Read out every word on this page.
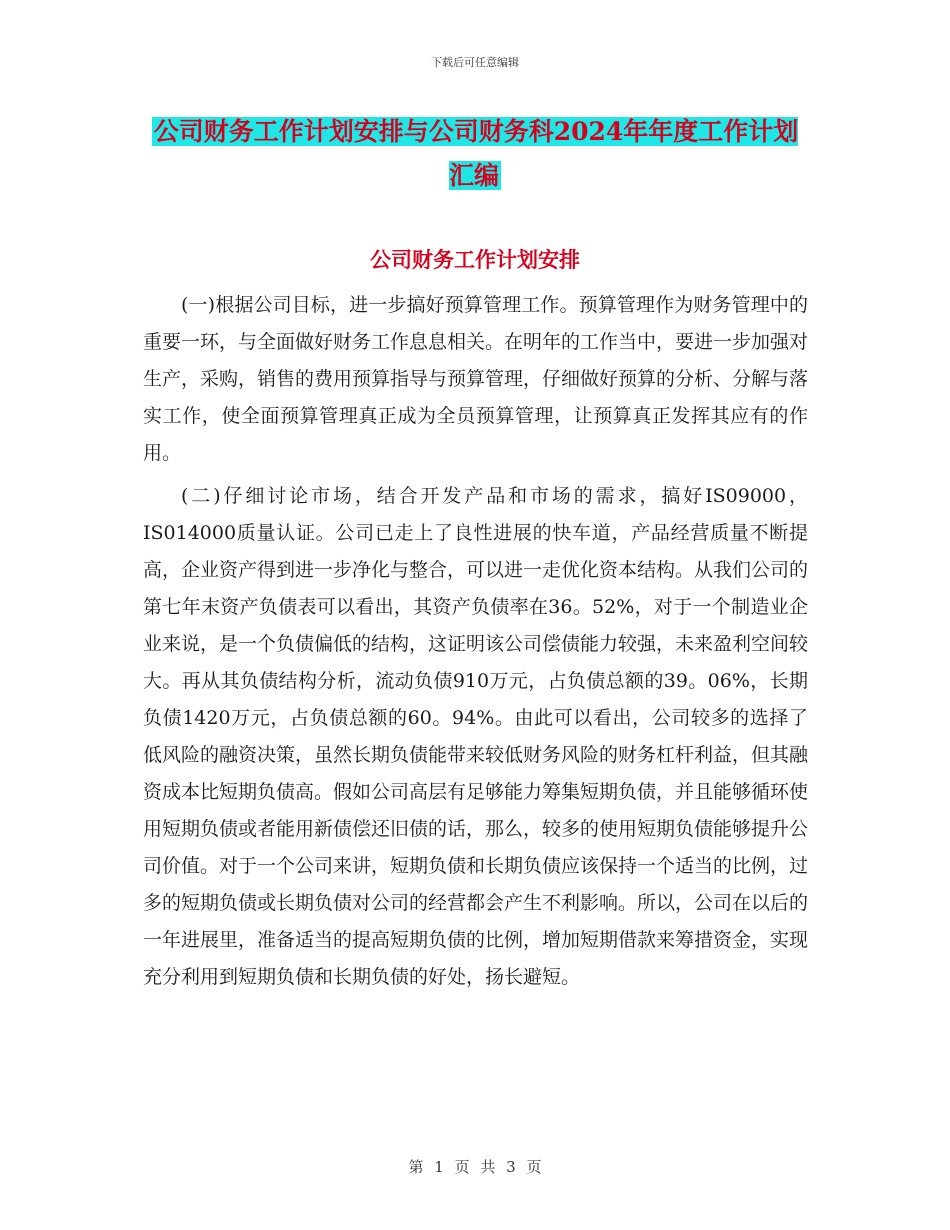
下载后可任意编辑
公司财务工作计划安排与公司财务科2024年年度工作计划汇编
公司财务工作计划安排

(一)根据公司目标，进一步搞好预算管理工作。预算管理作为财务管理中的重要一环，与全面做好财务工作息息相关。在明年的工作当中，要进一步加强对生产，采购，销售的费用预算指导与预算管理，仔细做好预算的分析、分解与落实工作，使全面预算管理真正成为全员预算管理，让预算真正发挥其应有的作用。

(二)仔细讨论市场，结合开发产品和市场的需求，搞好IS09000，IS014000质量认证。公司已走上了良性进展的快车道，产品经营质量不断提高，企业资产得到进一步净化与整合，可以进一走优化资本结构。从我们公司的第七年末资产负债表可以看出，其资产负债率在36。52%，对于一个制造业企业来说，是一个负债偏低的结构，这证明该公司偿债能力较强，未来盈利空间较大。再从其负债结构分析，流动负债910万元，占负债总额的39。06%，长期负债1420万元，占负债总额的60。94%。由此可以看出，公司较多的选择了低风险的融资决策，虽然长期负债能带来较低财务风险的财务杠杆利益，但其融资成本比短期负债高。假如公司高层有足够能力筹集短期负债，并且能够循环使用短期负债或者能用新债偿还旧债的话，那么，较多的使用短期负债能够提升公司价值。对于一个公司来讲，短期负债和长期负债应该保持一个适当的比例，过多的短期负债或长期负债对公司的经营都会产生不利影响。所以，公司在以后的一年进展里，准备适当的提高短期负债的比例，增加短期借款来筹措资金，实现充分利用到短期负债和长期负债的好处，扬长避短。

第 1 页 共 3 页
